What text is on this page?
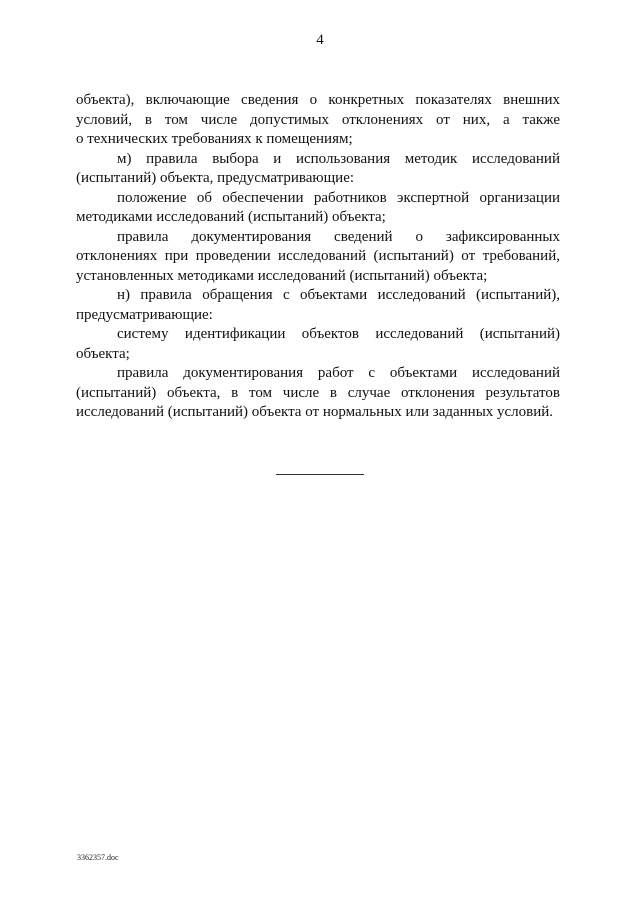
4
объекта), включающие сведения о конкретных показателях внешних
условий, в том числе допустимых отклонениях от них, а также
о технических требованиях к помещениям;
м) правила выбора и использования методик исследований
(испытаний) объекта, предусматривающие:
положение об обеспечении работников экспертной организации
методиками исследований (испытаний) объекта;
правила документирования сведений о зафиксированных
отклонениях при проведении исследований (испытаний) от требований,
установленных методиками исследований (испытаний) объекта;
н) правила обращения с объектами исследований (испытаний),
предусматривающие:
систему идентификации объектов исследований (испытаний)
объекта;
правила документирования работ с объектами исследований
(испытаний) объекта, в том числе в случае отклонения результатов
исследований (испытаний) объекта от нормальных или заданных условий.
3362357.doc
